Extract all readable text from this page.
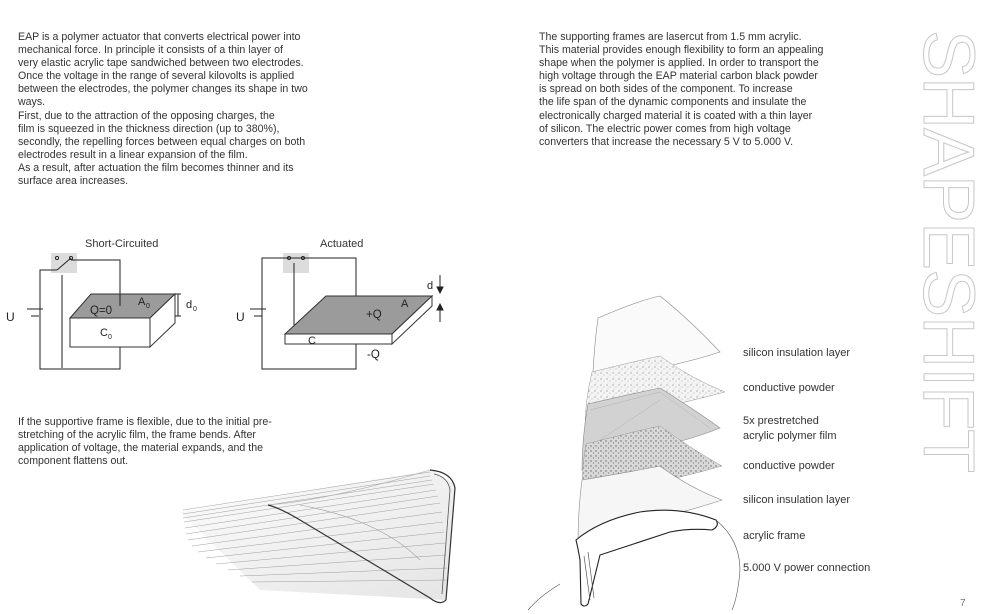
EAP is a polymer actuator that converts electrical power into
mechanical force. In principle it consists of a thin layer of
very elastic acrylic tape sandwiched between two electrodes.
Once the voltage in the range of several kilovolts is applied
between the electrodes, the polymer changes its shape in two
ways.
First, due to the attraction of the opposing charges, the
film is squeezed in the thickness direction (up to 380%),
secondly, the repelling forces between equal charges on both
electrodes result in a linear expansion of the film.
As a result, after actuation the film becomes thinner and its
surface area increases.
The supporting frames are lasercut from 1.5 mm acrylic.
This material provides enough flexibility to form an appealing
shape when the polymer is applied. In order to transport the
high voltage through the EAP material carbon black powder
is spread on both sides of the component. To increase
the life span of the dynamic components and insulate the
electronically charged material it is coated with a thin layer
of silicon. The electric power comes from high voltage
converters that increase the necessary 5 V to 5.000 V.
If the supportive frame is flexible, due to the initial pre-
stretching of the acrylic film, the frame bends. After
application of voltage, the material expands, and the
component flattens out.
Short-Circuited	Actuated
U	Q=0
A 0
C 0
d 0
U	+Q
A
C
-Q
d
silicon insulation layer
conductive powder
5x prestretched
acrylic polymer film
conductive powder
silicon insulation layer
acrylic frame
5.000 V power connection
SHAPESHIFT
7
